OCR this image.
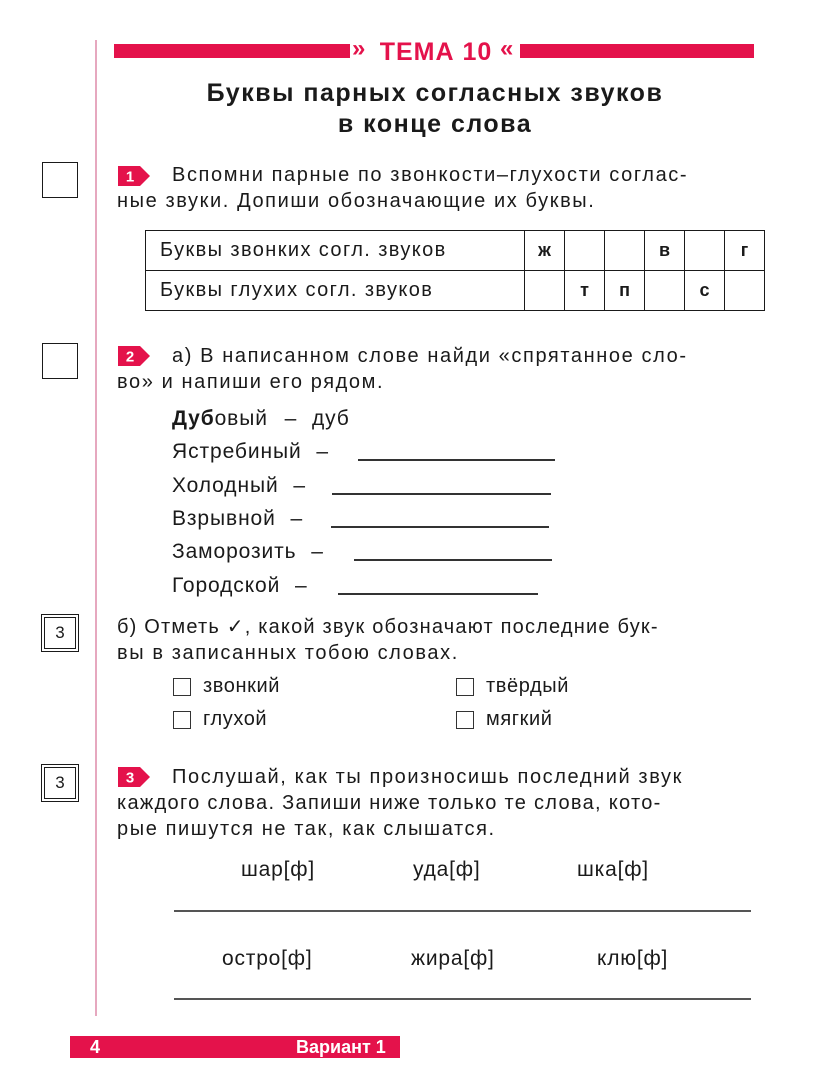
» ТЕМА 10 «
Буквы парных согласных звуков
в конце слова
1 Вспомни парные по звонкости–глухости соглас-
ные звуки. Допиши обозначающие их буквы.
Буквы звонких согл. звуков	ж			в		г
Буквы глухих согл. звуков		т	п		с	
2 а) В написанном слове найди «спрятанное сло-
во» и напиши его рядом.
Дубовый – дуб
Ястребиный –
Холодный –
Взрывной –
Заморозить –
Городской –
3	б) Отметь ✓, какой звук обозначают последние бук-
вы в записанных тобою словах.
звонкий
глухой
твёрдый
мягкий
3	3 Послушай, как ты произносишь последний звук
каждого слова. Запиши ниже только те слова, кото-
рые пишутся не так, как слышатся.
шар[ф]	уда[ф]	шка[ф]
остро[ф]	жира[ф]	клю[ф]
4	Вариант 1
